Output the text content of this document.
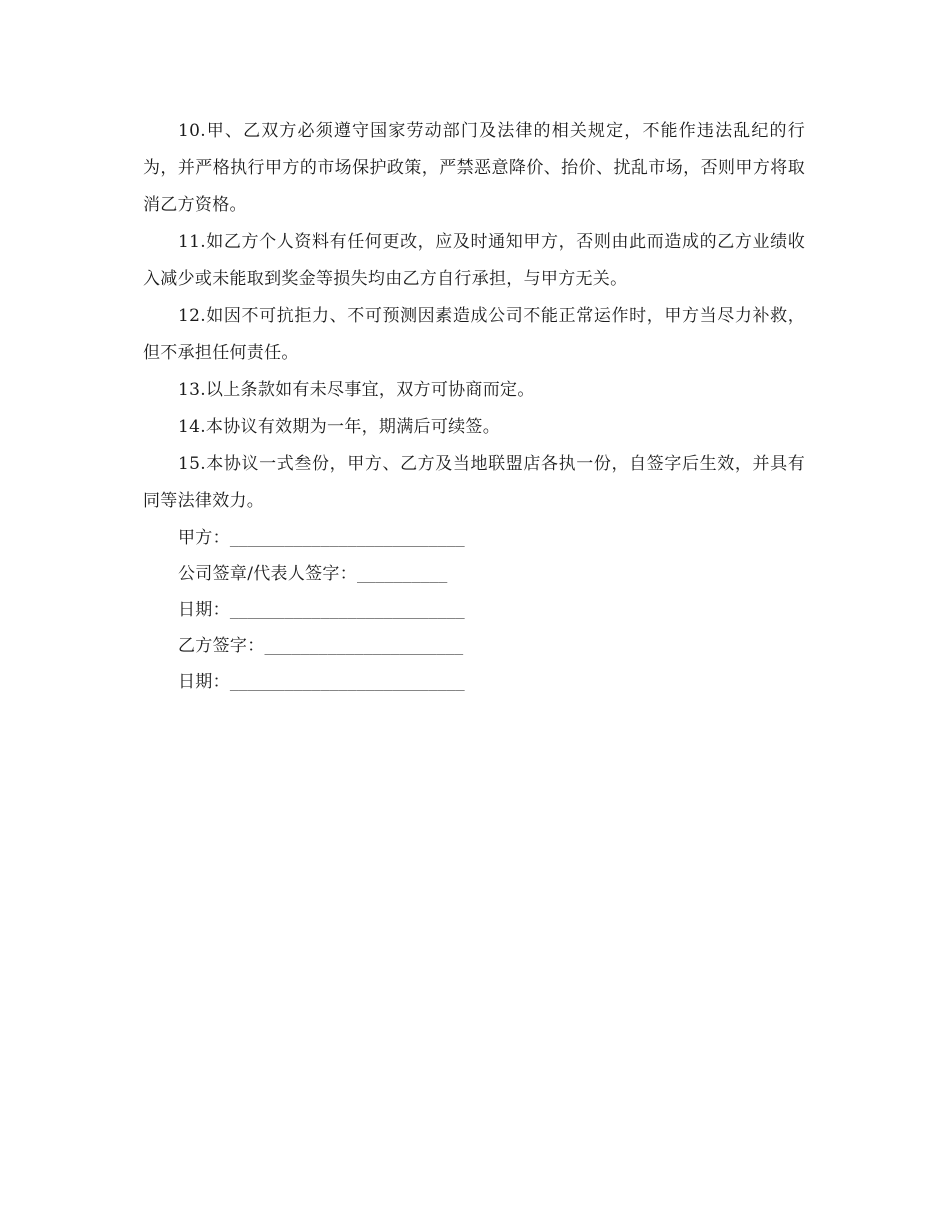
10.甲、乙双方必须遵守国家劳动部门及法律的相关规定，不能作违法乱纪的行为，并严格执行甲方的市场保护政策，严禁恶意降价、抬价、扰乱市场，否则甲方将取消乙方资格。

11.如乙方个人资料有任何更改，应及时通知甲方，否则由此而造成的乙方业绩收入减少或未能取到奖金等损失均由乙方自行承担，与甲方无关。

12.如因不可抗拒力、不可预测因素造成公司不能正常运作时，甲方当尽力补救，但不承担任何责任。

13.以上条款如有未尽事宜，双方可协商而定。

14.本协议有效期为一年，期满后可续签。

15.本协议一式叁份，甲方、乙方及当地联盟店各执一份，自签字后生效，并具有同等法律效力。

甲方：__________________________

公司签章/代表人签字：__________

日期：__________________________

乙方签字：______________________

日期：__________________________
